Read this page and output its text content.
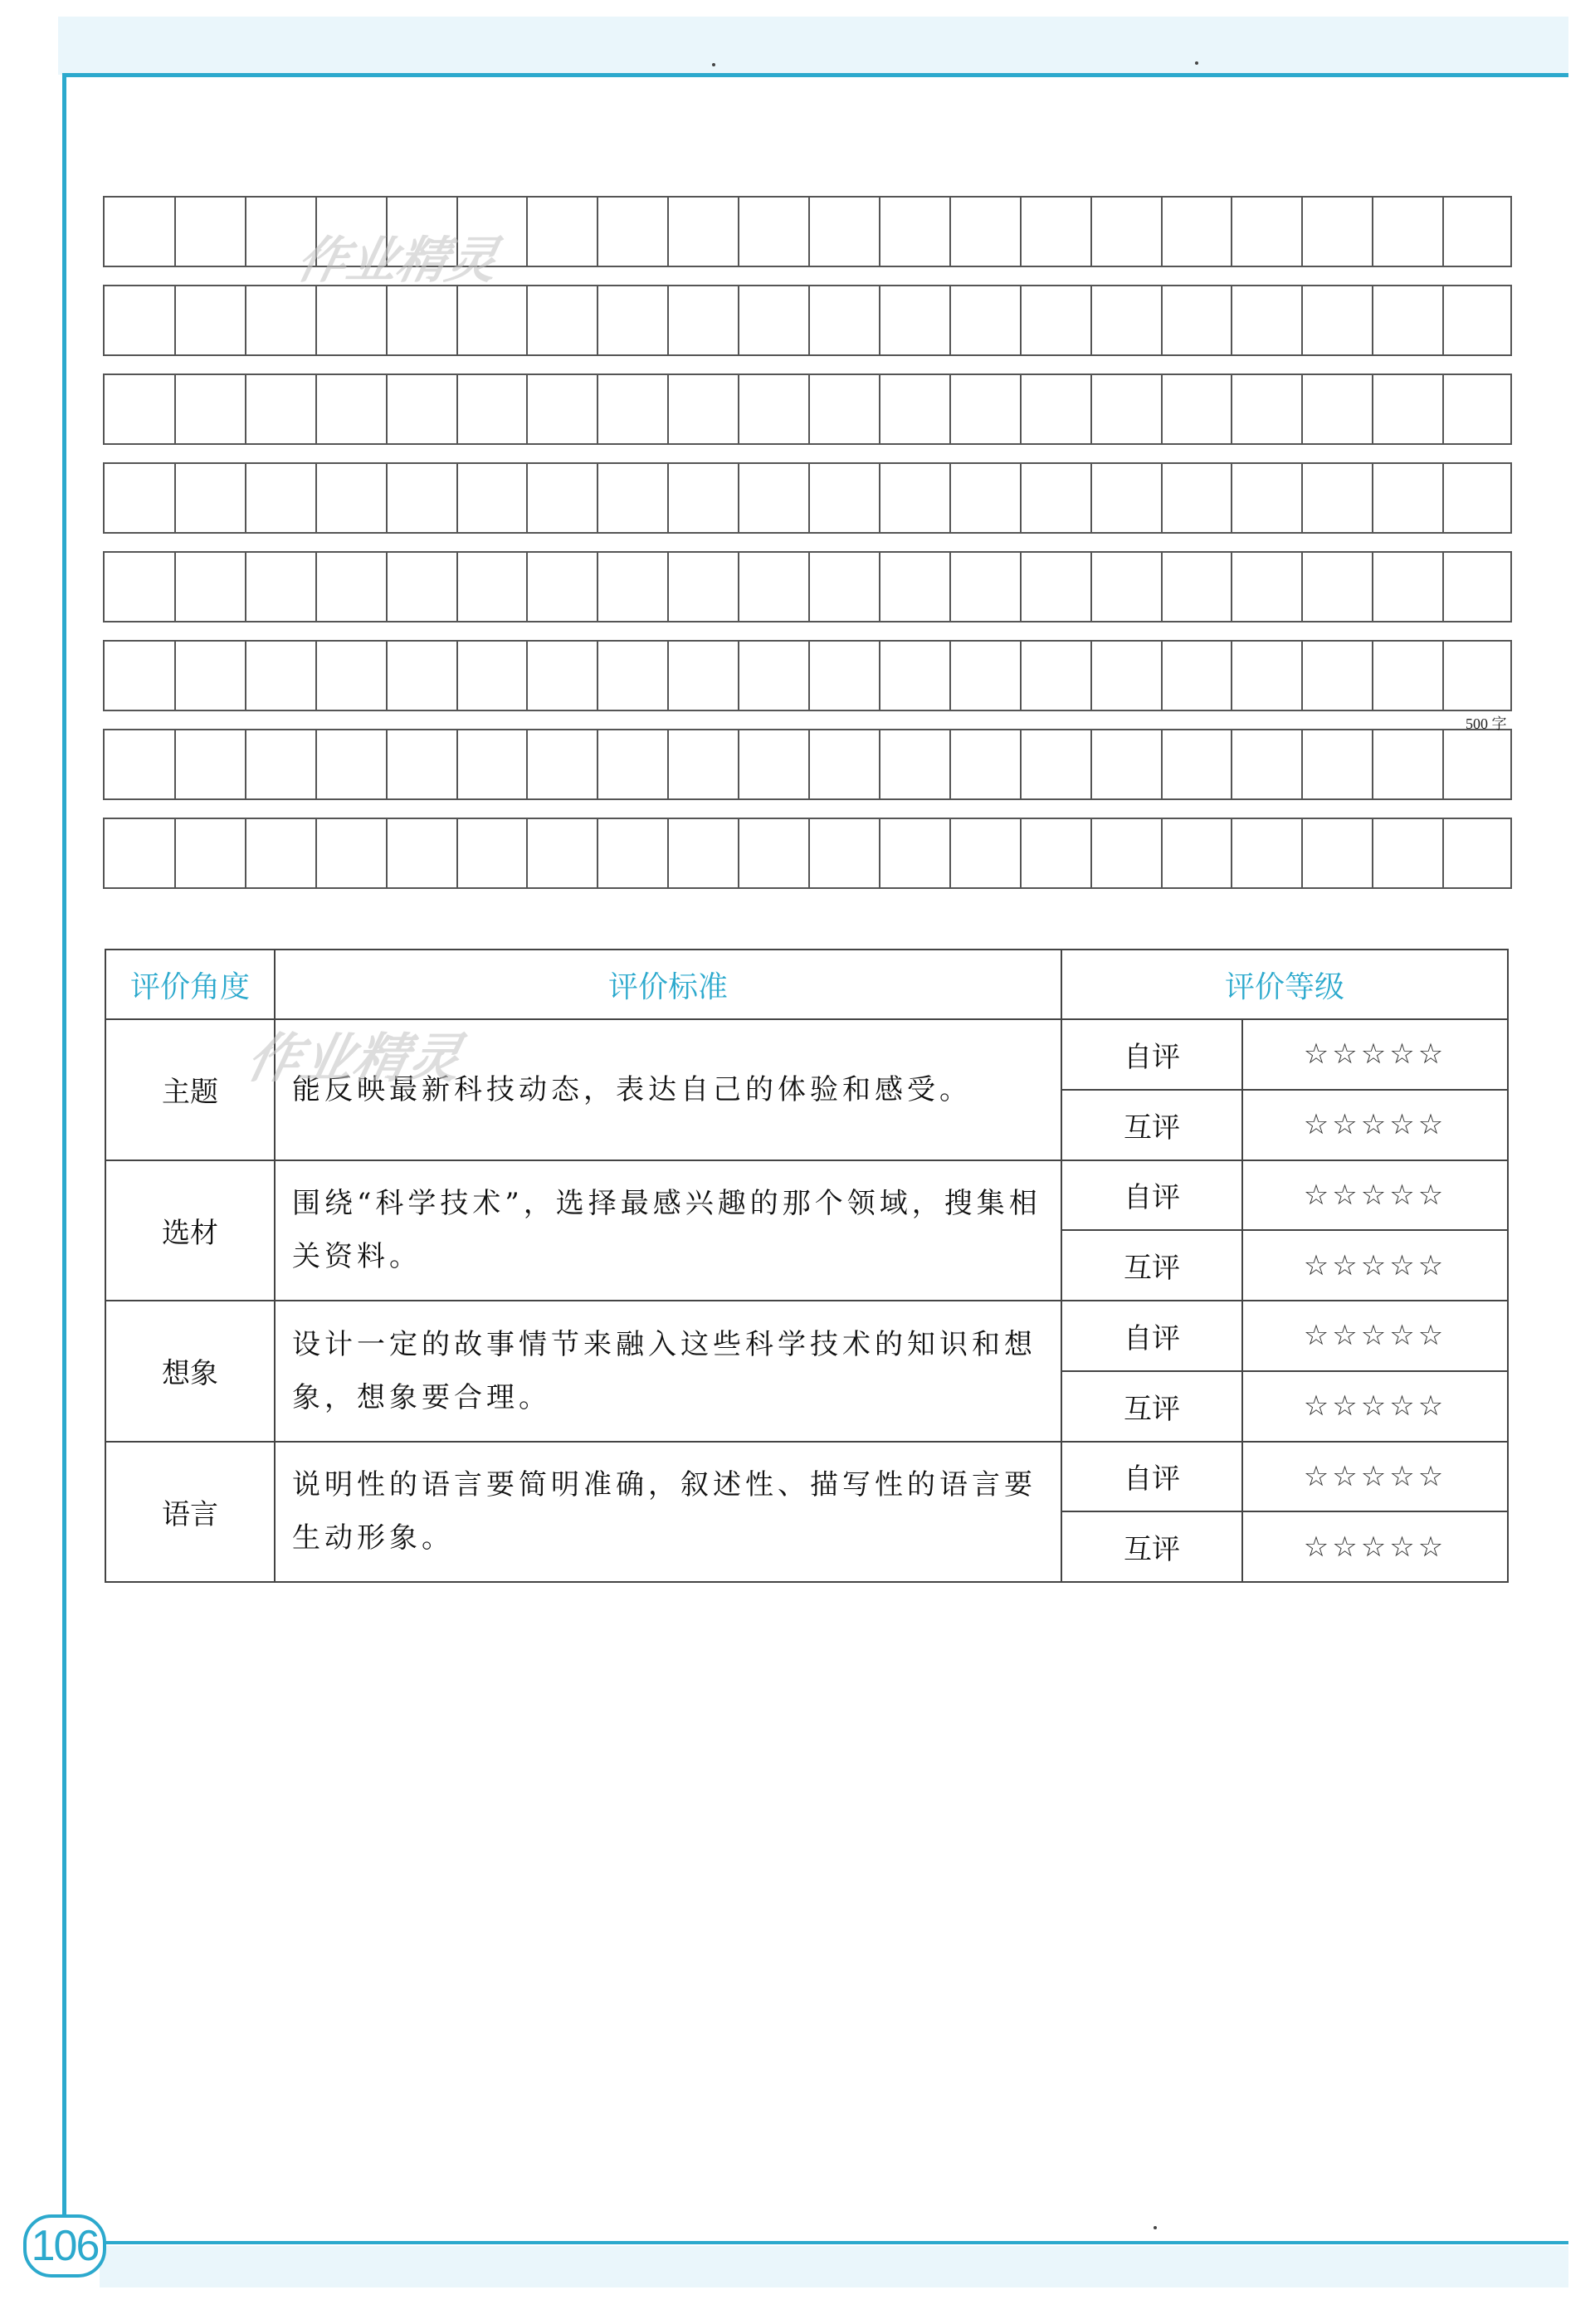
500 字
作业精灵
评价角度	评价标准	评价等级	
主题	能反映最新科技动态，表达自己的体验和感受。	自评	☆☆☆☆☆
		互评	☆☆☆☆☆
选材	围绕“科学技术”，选择最感兴趣的那个领域，搜集相关资料。	自评	☆☆☆☆☆
		互评	☆☆☆☆☆
想象	设计一定的故事情节来融入这些科学技术的知识和想象，想象要合理。	自评	☆☆☆☆☆
		互评	☆☆☆☆☆
语言	说明性的语言要简明准确，叙述性、描写性的语言要生动形象。	自评	☆☆☆☆☆
		互评	☆☆☆☆☆
作业精灵
106
